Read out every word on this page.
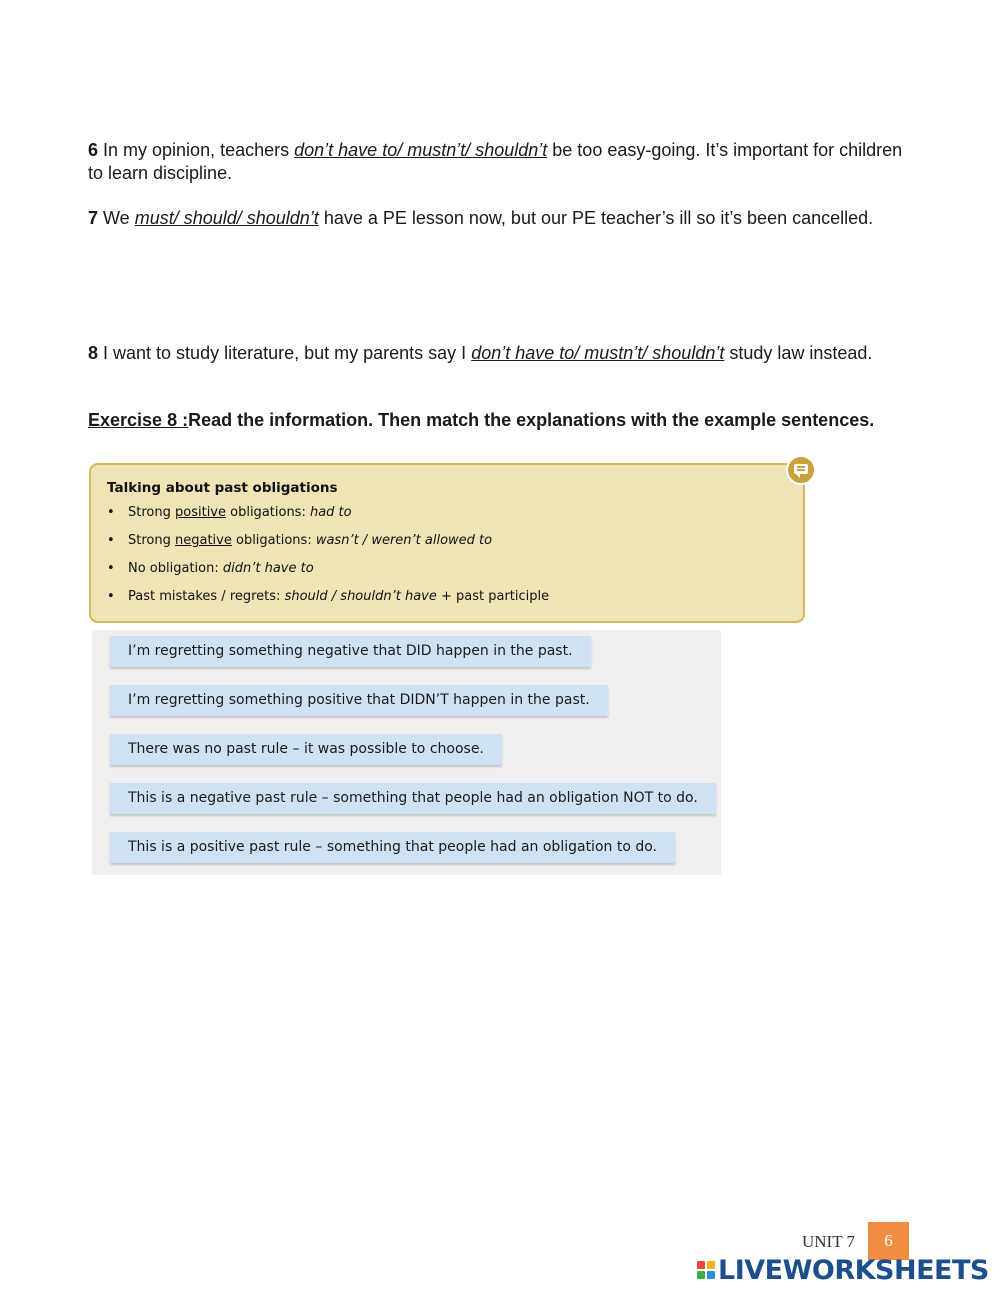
6 In my opinion, teachers don’t have to/ mustn’t/ shouldn’t be too easy-going. It’s important for children to learn discipline.
7 We must/ should/ shouldn’t have a PE lesson now, but our PE teacher’s ill so it’s been cancelled.
8 I want to study literature, but my parents say I don’t have to/ mustn’t/ shouldn’t study law instead.
Exercise 8 :Read the information. Then match the explanations with the example sentences.
Talking about past obligations
• Strong positive obligations: had to
• Strong negative obligations: wasn’t / weren’t allowed to
• No obligation: didn’t have to
• Past mistakes / regrets: should / shouldn’t have + past participle
I’m regretting something negative that DID happen in the past.
I’m regretting something positive that DIDN’T happen in the past.
There was no past rule – it was possible to choose.
This is a negative past rule – something that people had an obligation NOT to do.
This is a positive past rule – something that people had an obligation to do.
UNIT 7	6
LIVEWORKSHEETS
